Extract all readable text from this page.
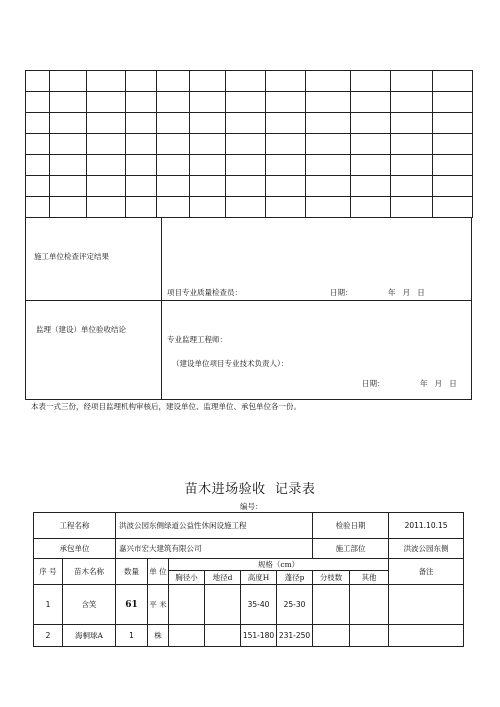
施工单位检查评定结果
项目专业质量检查员：	日期：	年   月   日
监理（建设）单位验收结论
专业监理工程师：
（建设单位项目专业技术负责人）：
日期：	年   月   日
本表一式三份，经项目监理机构审核后，建设单位、监理单位、承包单位各一份。
苗木进场验收  记录表
编号：
工程名称		洪波公园东侧绿道公益性休闲设施工程						检验日期		2011.10.15
承包单位		嘉兴市宏大建筑有限公司						施工部位		洪波公园东侧
序 号	苗木名称	数量	单 位	规格（cm）						备注
				胸径小	地径d	高度H	蓬径p	分枝数	其他	
1	含笑	61	平 米			35-40	25-30			
2	海桐球A	1	株			151-180	231-250			
